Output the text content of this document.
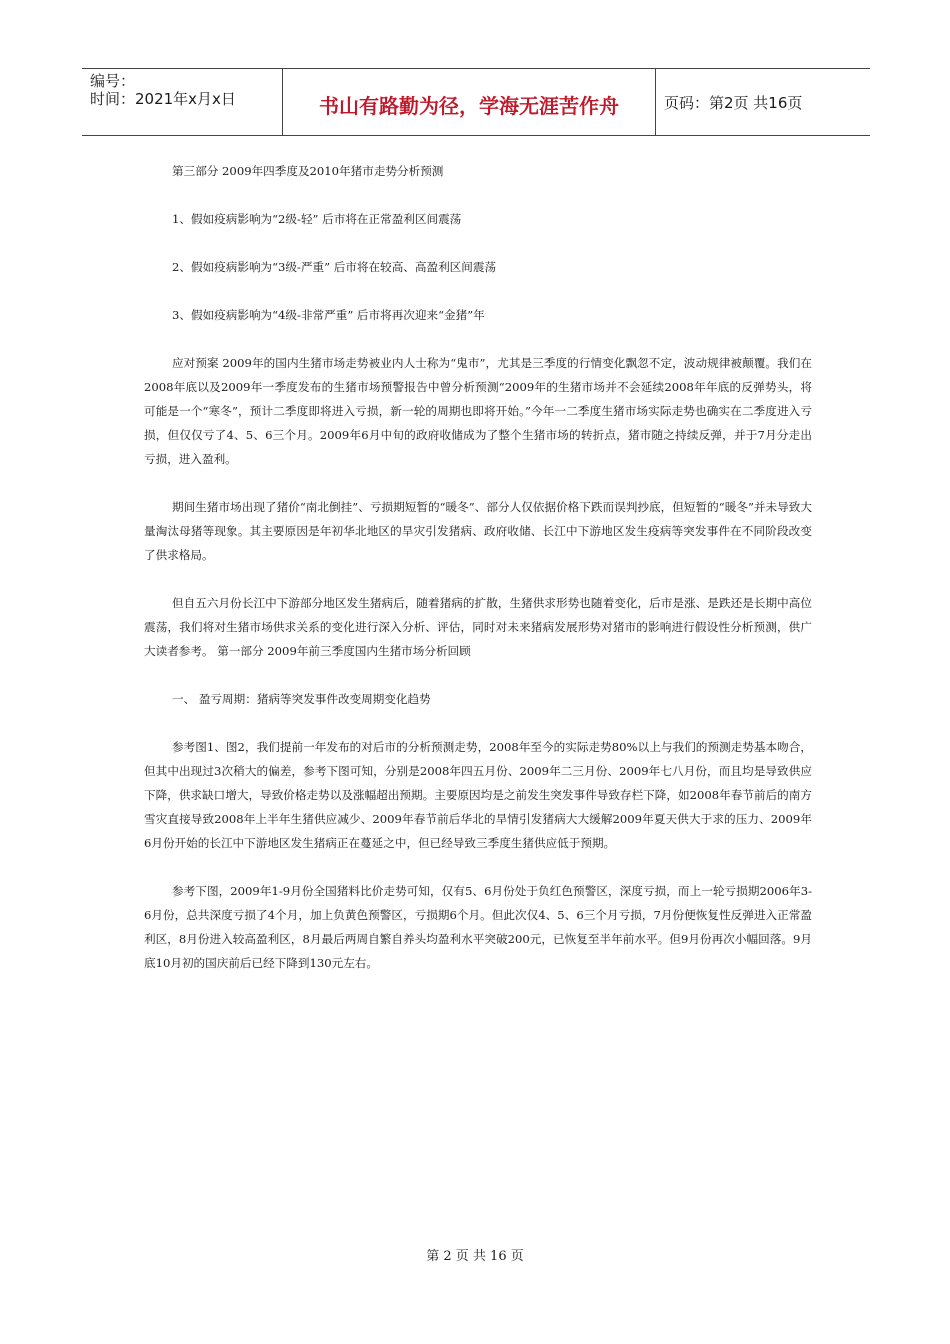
编号：
时间：2021年x月x日	书山有路勤为径，学海无涯苦作舟	页码：第2页 共16页

第三部分 2009年四季度及2010年猪市走势分析预测

1、假如疫病影响为“2级-轻” 后市将在正常盈利区间震荡

2、假如疫病影响为“3级-严重” 后市将在较高、高盈利区间震荡

3、假如疫病影响为“4级-非常严重” 后市将再次迎来“金猪”年

应对预案 2009年的国内生猪市场走势被业内人士称为“鬼市”，尤其是三季度的行情变化飘忽不定，波动规律被颠覆。我们在2008年底以及2009年一季度发布的生猪市场预警报告中曾分析预测“2009年的生猪市场并不会延续2008年年底的反弹势头，将可能是一个“寒冬”，预计二季度即将进入亏损，新一轮的周期也即将开始。”今年一二季度生猪市场实际走势也确实在二季度进入亏损，但仅仅亏了4、5、6三个月。2009年6月中旬的政府收储成为了整个生猪市场的转折点，猪市随之持续反弹，并于7月分走出亏损，进入盈利。

期间生猪市场出现了猪价“南北倒挂”、亏损期短暂的“暖冬”、部分人仅依据价格下跌而误判抄底，但短暂的“暖冬”并未导致大量淘汰母猪等现象。其主要原因是年初华北地区的旱灾引发猪病、政府收储、长江中下游地区发生疫病等突发事件在不同阶段改变了供求格局。

但自五六月份长江中下游部分地区发生猪病后，随着猪病的扩散，生猪供求形势也随着变化，后市是涨、是跌还是长期中高位震荡，我们将对生猪市场供求关系的变化进行深入分析、评估，同时对未来猪病发展形势对猪市的影响进行假设性分析预测，供广大读者参考。 第一部分 2009年前三季度国内生猪市场分析回顾

一、 盈亏周期：猪病等突发事件改变周期变化趋势

参考图1、图2，我们提前一年发布的对后市的分析预测走势，2008年至今的实际走势80%以上与我们的预测走势基本吻合，但其中出现过3次稍大的偏差，参考下图可知，分别是2008年四五月份、2009年二三月份、2009年七八月份，而且均是导致供应下降，供求缺口增大，导致价格走势以及涨幅超出预期。主要原因均是之前发生突发事件导致存栏下降，如2008年春节前后的南方雪灾直接导致2008年上半年生猪供应减少、2009年春节前后华北的旱情引发猪病大大缓解2009年夏天供大于求的压力、2009年6月份开始的长江中下游地区发生猪病正在蔓延之中，但已经导致三季度生猪供应低于预期。

参考下图，2009年1-9月份全国猪料比价走势可知，仅有5、6月份处于负红色预警区，深度亏损，而上一轮亏损期2006年3-6月份，总共深度亏损了4个月，加上负黄色预警区，亏损期6个月。但此次仅4、5、6三个月亏损，7月份便恢复性反弹进入正常盈利区，8月份进入较高盈利区，8月最后两周自繁自养头均盈利水平突破200元，已恢复至半年前水平。但9月份再次小幅回落。9月底10月初的国庆前后已经下降到130元左右。

第 2 页 共 16 页
